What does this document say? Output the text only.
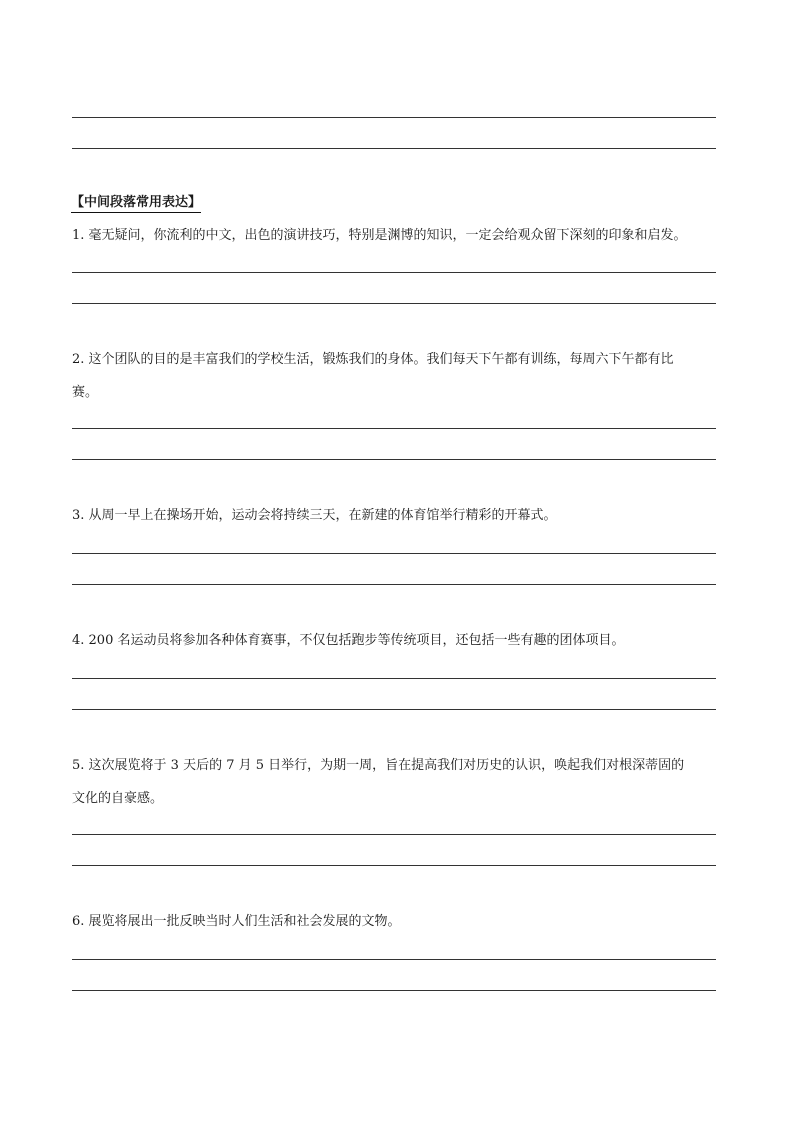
【中间段落常用表达】
1. 毫无疑问，你流利的中文，出色的演讲技巧，特别是渊博的知识，一定会给观众留下深刻的印象和启发。
2. 这个团队的目的是丰富我们的学校生活，锻炼我们的身体。我们每天下午都有训练，每周六下午都有比
赛。
3. 从周一早上在操场开始，运动会将持续三天，在新建的体育馆举行精彩的开幕式。
4. 200 名运动员将参加各种体育赛事，不仅包括跑步等传统项目，还包括一些有趣的团体项目。
5. 这次展览将于 3 天后的 7 月 5 日举行，为期一周，旨在提高我们对历史的认识，唤起我们对根深蒂固的
文化的自豪感。
6. 展览将展出一批反映当时人们生活和社会发展的文物。
